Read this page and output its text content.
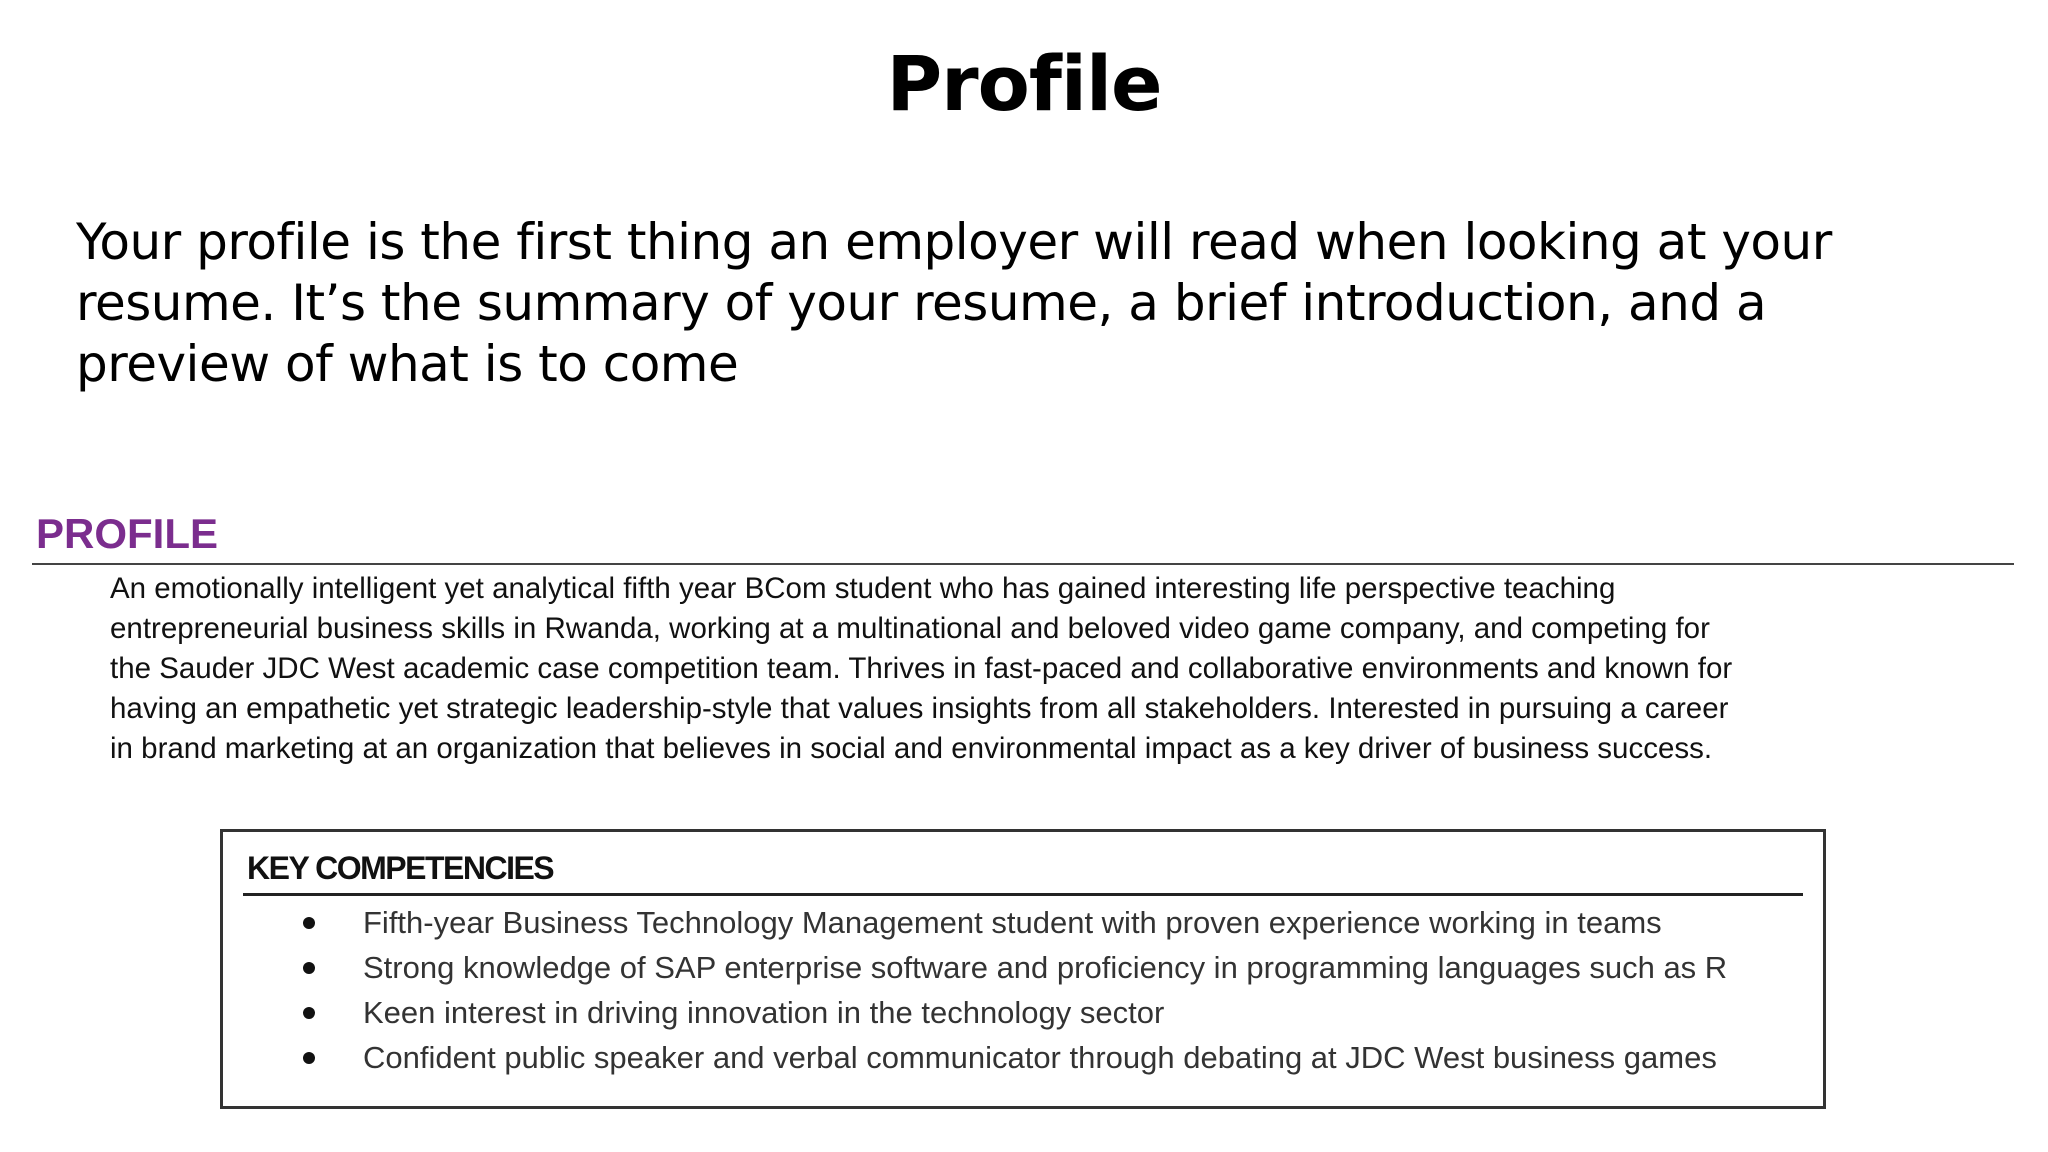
Profile
Your profile is the first thing an employer will read when looking at your
resume. It’s the summary of your resume, a brief introduction, and a
preview of what is to come
PROFILE
An emotionally intelligent yet analytical fifth year BCom student who has gained interesting life perspective teaching
entrepreneurial business skills in Rwanda, working at a multinational and beloved video game company, and competing for
the Sauder JDC West academic case competition team. Thrives in fast-paced and collaborative environments and known for
having an empathetic yet strategic leadership-style that values insights from all stakeholders. Interested in pursuing a career
in brand marketing at an organization that believes in social and environmental impact as a key driver of business success.
KEY COMPETENCIES
Fifth-year Business Technology Management student with proven experience working in teams
Strong knowledge of SAP enterprise software and proficiency in programming languages such as R
Keen interest in driving innovation in the technology sector
Confident public speaker and verbal communicator through debating at JDC West business games
